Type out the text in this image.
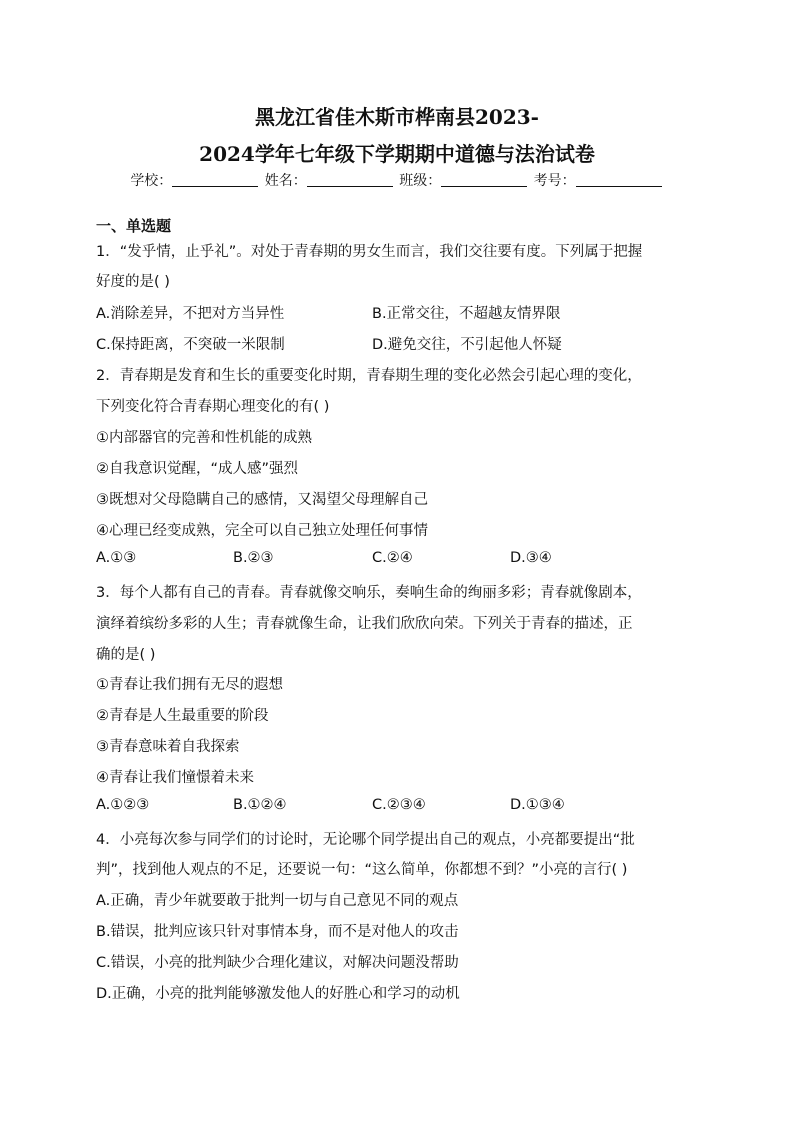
黑龙江省佳木斯市桦南县2023-
2024学年七年级下学期期中道德与法治试卷
学校：	姓名：	班级：	考号：
一、单选题
1．“发乎情，止乎礼”。对处于青春期的男女生而言，我们交往要有度。下列属于把握
好度的是( )
A.消除差异，不把对方当异性	B.正常交往，不超越友情界限
C.保持距离，不突破一米限制	D.避免交往，不引起他人怀疑
2．青春期是发育和生长的重要变化时期，青春期生理的变化必然会引起心理的变化，
下列变化符合青春期心理变化的有( )
①内部器官的完善和性机能的成熟
②自我意识觉醒，“成人感”强烈
③既想对父母隐瞒自己的感情，又渴望父母理解自己
④心理已经变成熟，完全可以自己独立处理任何事情
A.①③	B.②③	C.②④	D.③④
3．每个人都有自己的青春。青春就像交响乐，奏响生命的绚丽多彩；青春就像剧本，
演绎着缤纷多彩的人生；青春就像生命，让我们欣欣向荣。下列关于青春的描述，正
确的是( )
①青春让我们拥有无尽的遐想
②青春是人生最重要的阶段
③青春意味着自我探索
④青春让我们憧憬着未来
A.①②③	B.①②④	C.②③④	D.①③④
4．小亮每次参与同学们的讨论时，无论哪个同学提出自己的观点，小亮都要提出“批
判”，找到他人观点的不足，还要说一句：“这么简单，你都想不到？”小亮的言行( )
A.正确，青少年就要敢于批判一切与自己意见不同的观点
B.错误，批判应该只针对事情本身，而不是对他人的攻击
C.错误，小亮的批判缺少合理化建议，对解决问题没帮助
D.正确，小亮的批判能够激发他人的好胜心和学习的动机
